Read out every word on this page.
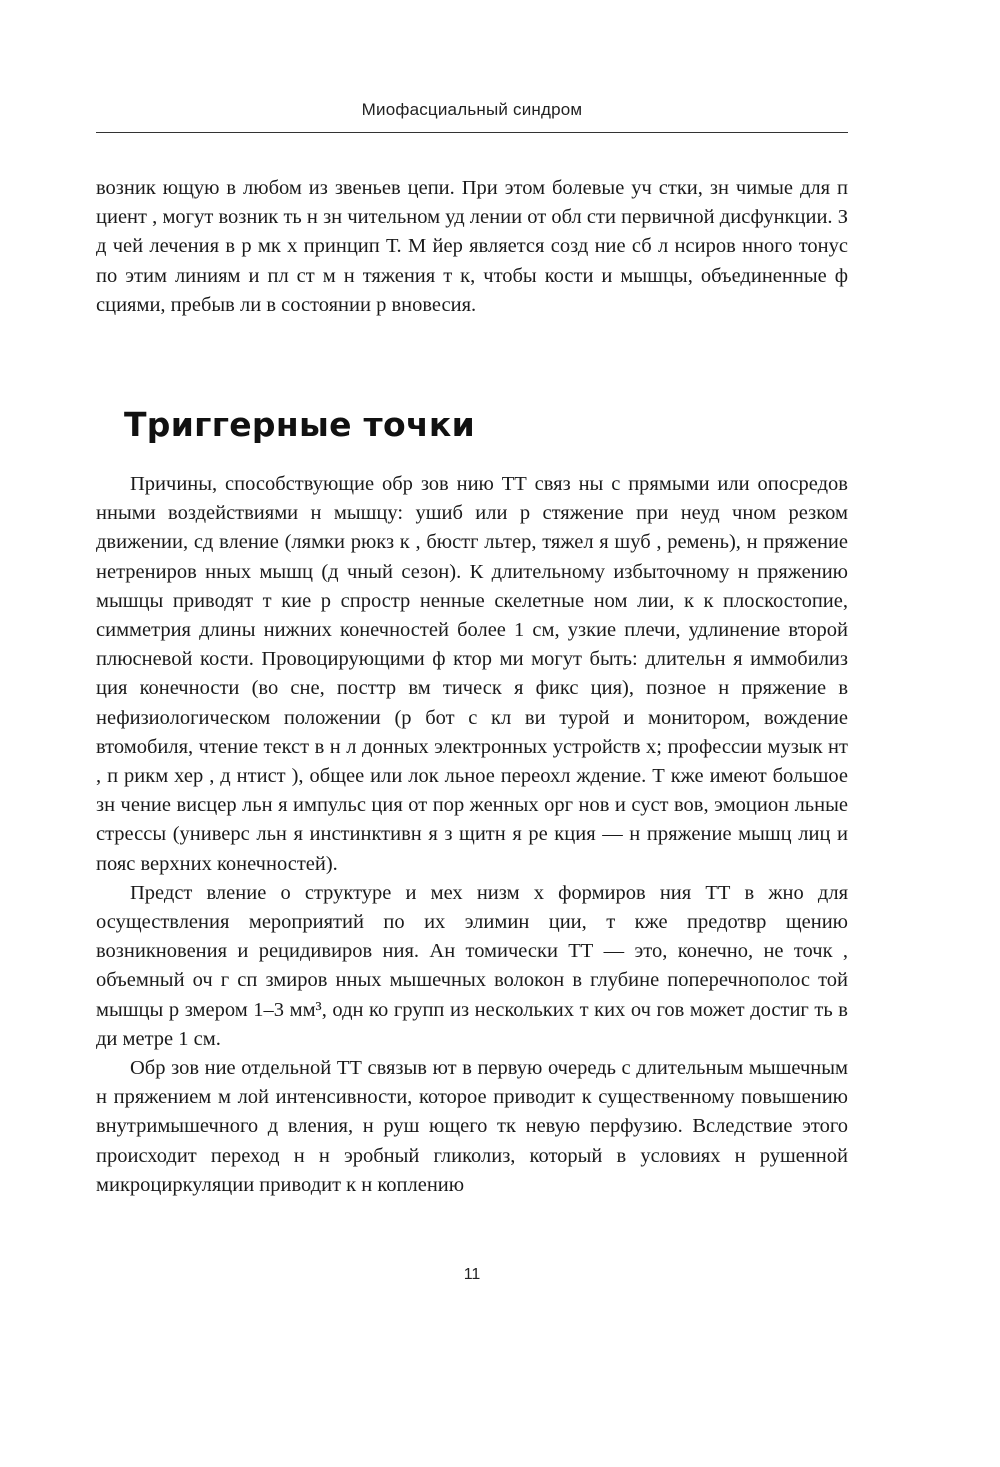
Миофасциальный синдром

возник ющую в любом из звеньев цепи. При этом болевые уч стки, зн чимые для п циент , могут возник ть н зн чительном уд лении от обл сти первичной дисфункции. З д чей лечения в р мк х принцип Т. М йер является созд ние сб л нсиров нного тонус по этим линиям и пл ст м н тяжения т к, чтобы кости и мышцы, объединенные ф сциями, пребыв ли в состоянии р вновесия.

Триггерные точки

Причины, способствующие обр зов нию ТТ связ ны с прямыми или опосредов нными воздействиями н мышцу: ушиб или р стяжение при неуд чном резком движении, сд вление (лямки рюкз к , бюстг льтер, тяжел я шуб , ремень), н пряжение нетрениров нных мышц (д чный сезон). К длительному избыточному н пряжению мышцы приводят т кие р спростр ненные скелетные ном лии, к к плоскостопие, симметрия длины нижних конечностей более 1 см, узкие плечи, удлинение второй плюсневой кости. Провоцирующими ф ктор ми могут быть: длительн я иммобилиз ция конечности (во сне, посттр вм тическ я фикс ция), позное н пряжение в нефизиологическом положении (р бот с кл ви турой и монитором, вождение втомобиля, чтение текст в н л донных электронных устройств х; профессии музык нт , п рикм хер , д нтист ), общее или лок льное переохл ждение. Т кже имеют большое зн чение висцер льн я импульс ция от пор женных орг нов и суст вов, эмоцион льные стрессы (универс льн я инстинктивн я з щитн я ре кция — н пряжение мышц лиц и пояс верхних конечностей).

Предст вление о структуре и мех низм х формиров ния ТТ в жно для осуществления мероприятий по их элимин ции, т кже предотвр щению возникновения и рецидивиров ния. Ан томически ТТ — это, конечно, не точк , объемный оч г сп змиров нных мышечных волокон в глубине поперечнополос той мышцы р змером 1–3 мм³, одн ко групп из нескольких т ких оч гов может достиг ть в ди метре 1 см.

Обр зов ние отдельной ТТ связыв ют в первую очередь с длительным мышечным н пряжением м лой интенсивности, которое приводит к существенному повышению внутримышечного д вления, н руш ющего тк невую перфузию. Вследствие этого происходит переход н н эробный гликолиз, который в условиях н рушенной микроциркуляции приводит к н коплению

11
